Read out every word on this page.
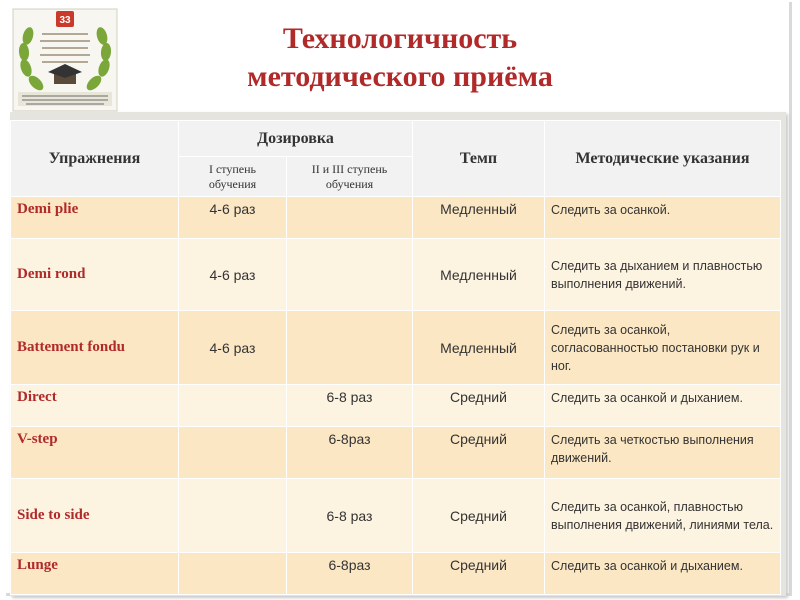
33
Технологичность
методического приёма
Упражнения	Дозировка		Темп	Методические указания
	I ступень обучения	II и III ступень обучения		
Demi plie	4-6 раз		Медленный	Следить за осанкой.
Demi rond	4-6 раз		Медленный	Следить за дыханием и плавностью выполнения движений.
Battement fondu	4-6 раз		Медленный	Следить за осанкой, согласованностью постановки рук и ног.
Direct		6-8 раз	Средний	Следить за осанкой и дыханием.
V-step		6-8раз	Средний	Следить за четкостью выполнения движений.
Side to side		6-8 раз	Средний	Следить за осанкой, плавностью выполнения движений, линиями тела.
Lunge		6-8раз	Средний	Следить за осанкой и дыханием.
